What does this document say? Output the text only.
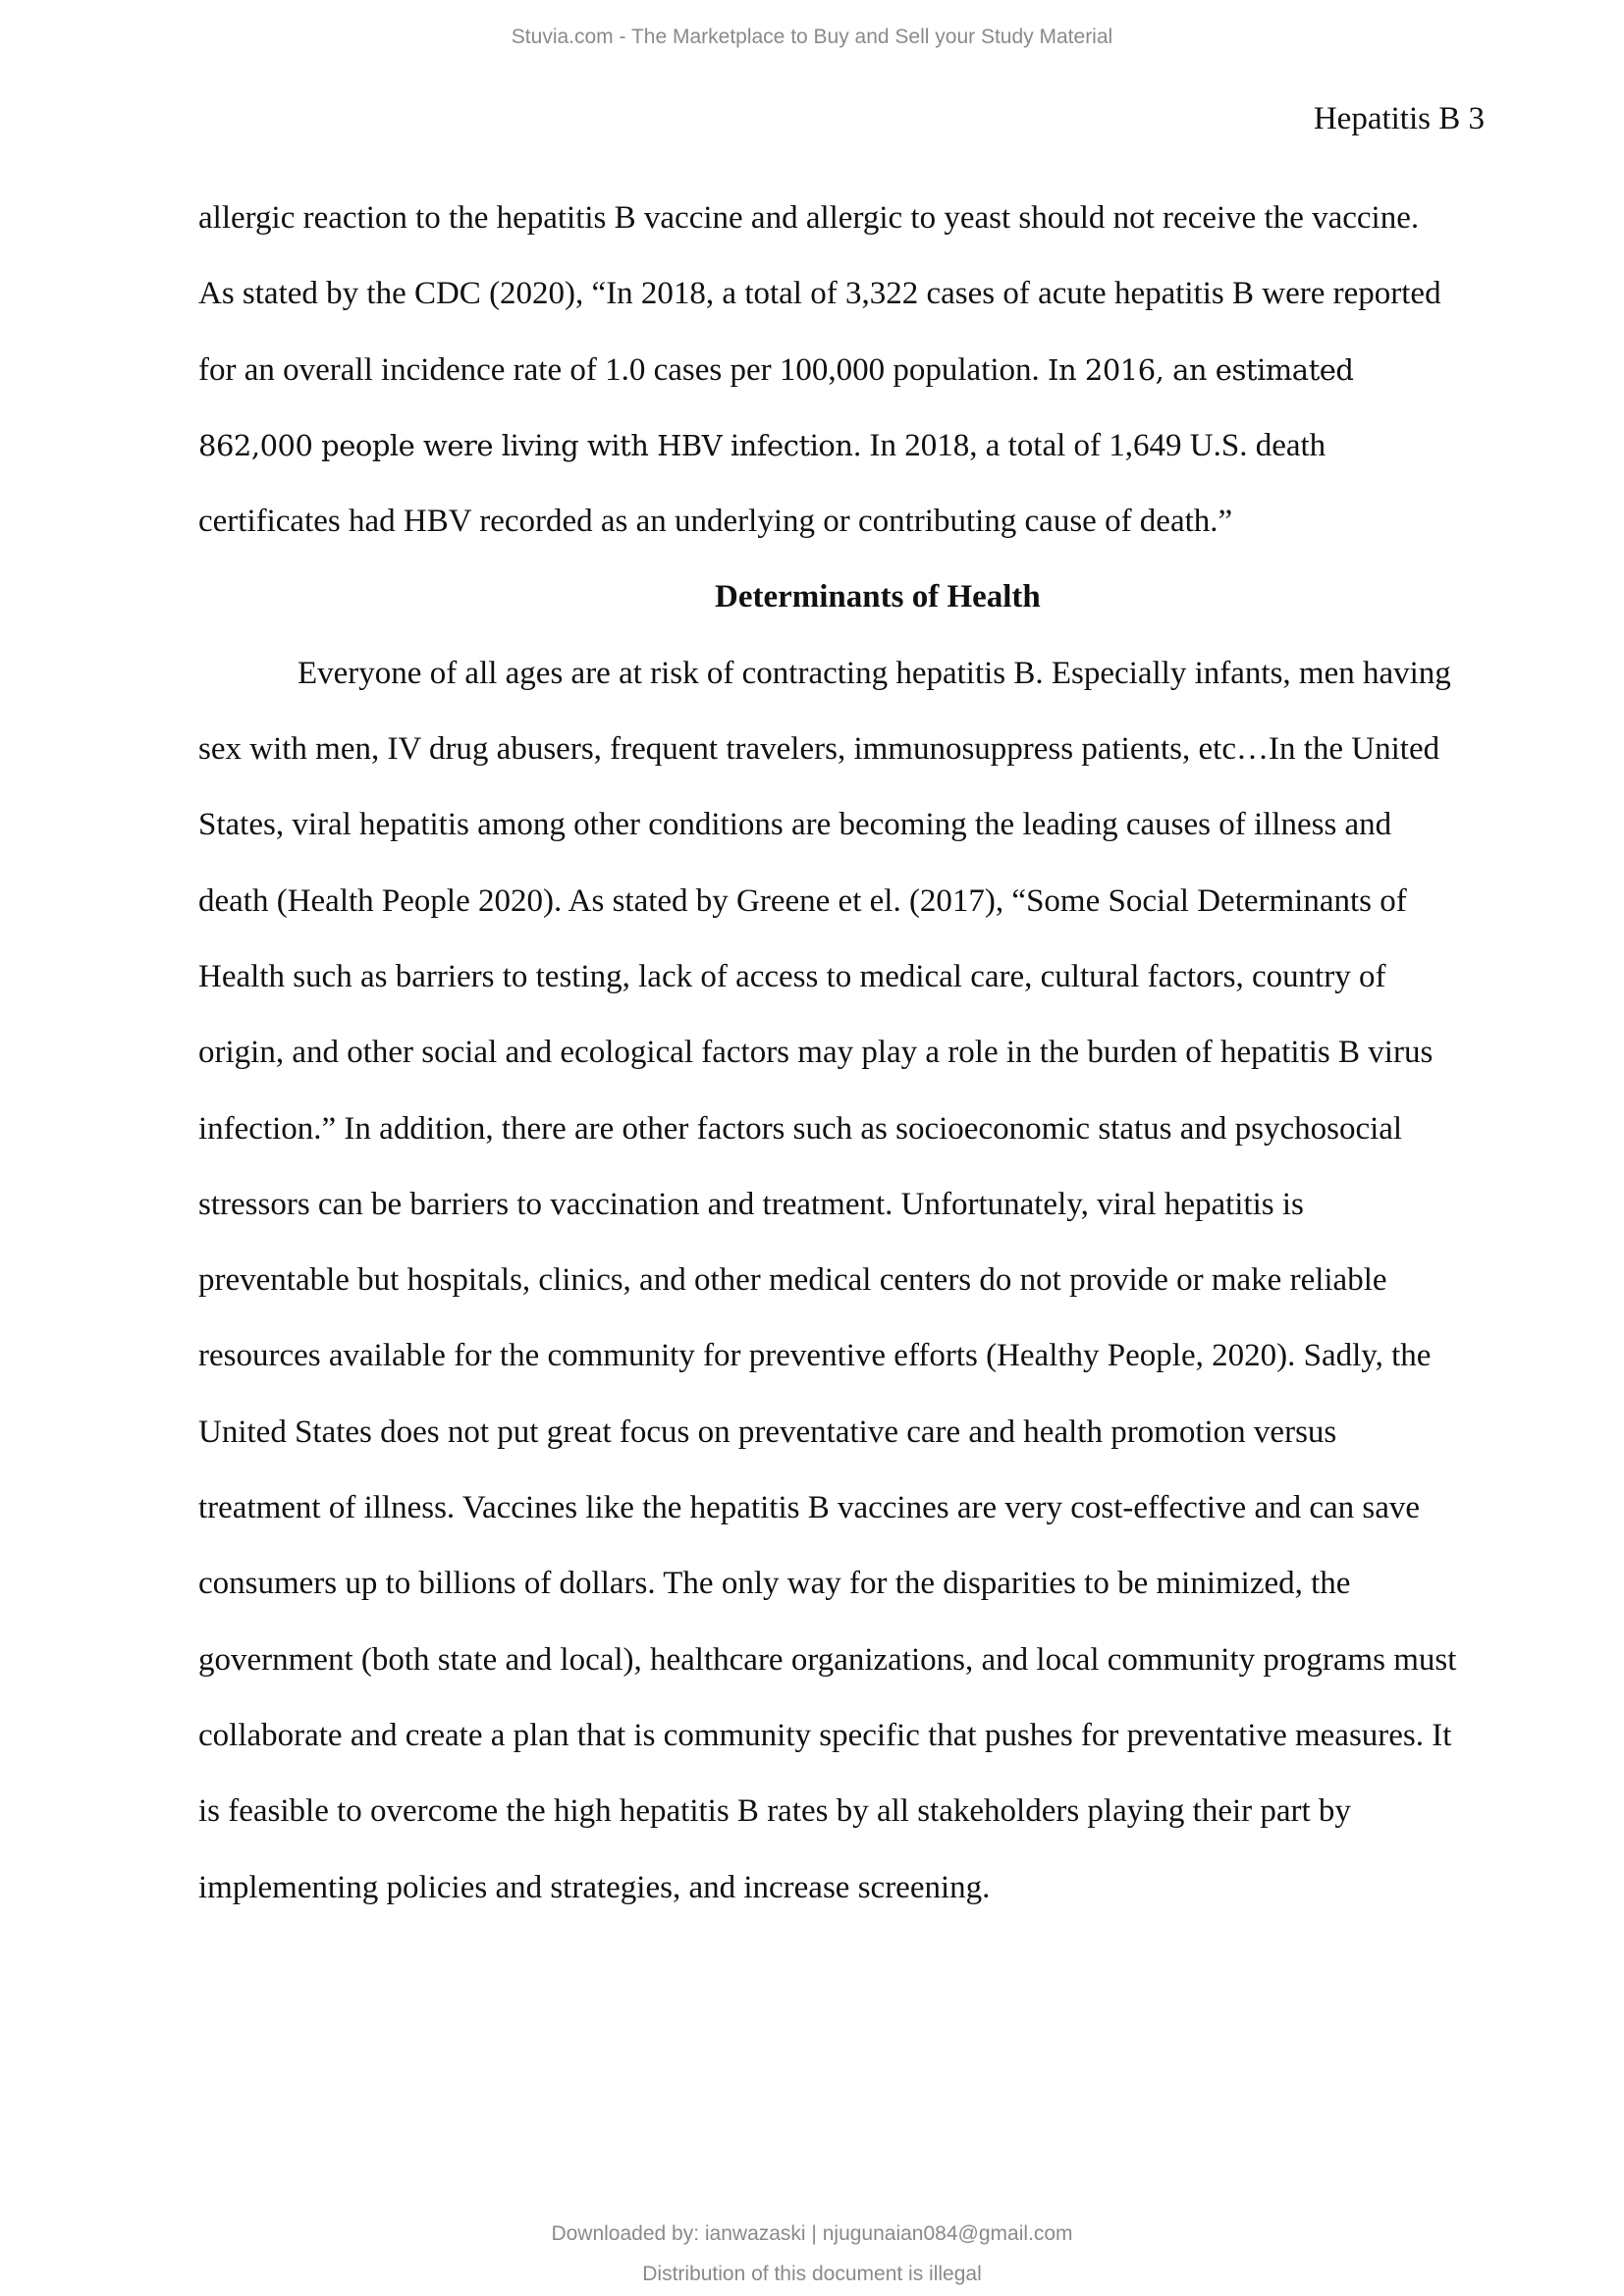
Stuvia.com - The Marketplace to Buy and Sell your Study Material
Hepatitis B 3
allergic reaction to the hepatitis B vaccine and allergic to yeast should not receive the vaccine.
As stated by the CDC (2020), “In 2018, a total of 3,322 cases of acute hepatitis B were reported
for an overall incidence rate of 1.0 cases per 100,000 population. In 2016, an estimated
862,000 people were living with HBV infection. In 2018, a total of 1,649 U.S. death
certificates had HBV recorded as an underlying or contributing cause of death.”
Determinants of Health
Everyone of all ages are at risk of contracting hepatitis B. Especially infants, men having
sex with men, IV drug abusers, frequent travelers, immunosuppress patients, etc…In the United
States, viral hepatitis among other conditions are becoming the leading causes of illness and
death (Health People 2020). As stated by Greene et el. (2017), “Some Social Determinants of
Health such as barriers to testing, lack of access to medical care, cultural factors, country of
origin, and other social and ecological factors may play a role in the burden of hepatitis B virus
infection.” In addition, there are other factors such as socioeconomic status and psychosocial
stressors can be barriers to vaccination and treatment. Unfortunately, viral hepatitis is
preventable but hospitals, clinics, and other medical centers do not provide or make reliable
resources available for the community for preventive efforts (Healthy People, 2020). Sadly, the
United States does not put great focus on preventative care and health promotion versus
treatment of illness. Vaccines like the hepatitis B vaccines are very cost-effective and can save
consumers up to billions of dollars. The only way for the disparities to be minimized, the
government (both state and local), healthcare organizations, and local community programs must
collaborate and create a plan that is community specific that pushes for preventative measures. It
is feasible to overcome the high hepatitis B rates by all stakeholders playing their part by
implementing policies and strategies, and increase screening.
Downloaded by: ianwazaski | njugunaian084@gmail.com
Distribution of this document is illegal
